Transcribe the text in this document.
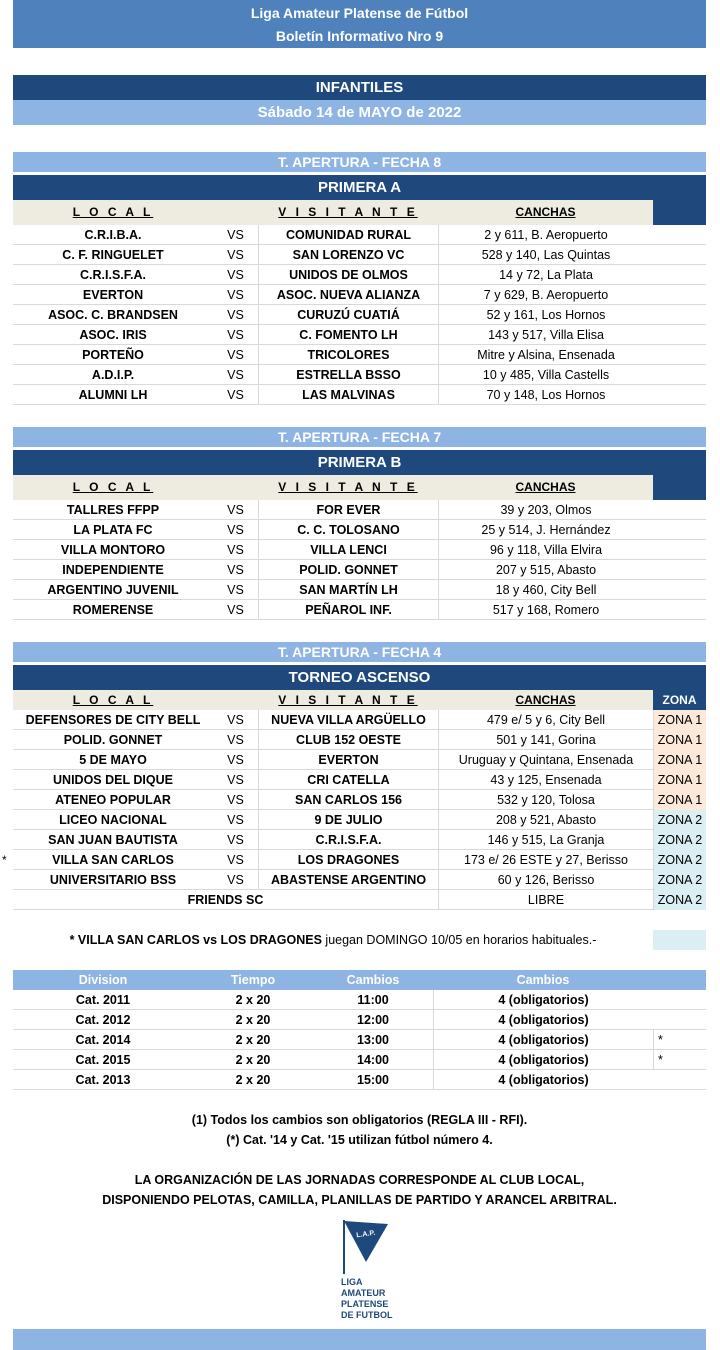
Liga Amateur Platense de Fútbol
Boletín Informativo Nro 9
INFANTILES
Sábado 14 de MAYO de 2022
T. APERTURA - FECHA 8
PRIMERA A
L O C A L	V I S I T A N T E	CANCHAS
C.R.I.B.A.	VS	COMUNIDAD RURAL	2 y 611, B. Aeropuerto
C. F. RINGUELET	VS	SAN LORENZO VC	528 y 140, Las Quintas
C.R.I.S.F.A.	VS	UNIDOS DE OLMOS	14 y 72, La Plata
EVERTON	VS	ASOC. NUEVA ALIANZA	7 y 629, B. Aeropuerto
ASOC. C. BRANDSEN	VS	CURUZÚ CUATIÁ	52 y 161, Los Hornos
ASOC. IRIS	VS	C. FOMENTO LH	143 y 517, Villa Elisa
PORTEÑO	VS	TRICOLORES	Mitre y Alsina, Ensenada
A.D.I.P.	VS	ESTRELLA BSSO	10 y 485, Villa Castells
ALUMNI LH	VS	LAS MALVINAS	70 y 148, Los Hornos
T. APERTURA - FECHA 7
PRIMERA B
L O C A L	V I S I T A N T E	CANCHAS
TALLRES FFPP	VS	FOR EVER	39 y 203, Olmos
LA PLATA FC	VS	C. C. TOLOSANO	25 y 514, J. Hernández
VILLA MONTORO	VS	VILLA LENCI	96 y 118, Villa Elvira
INDEPENDIENTE	VS	POLID. GONNET	207 y 515, Abasto
ARGENTINO JUVENIL	VS	SAN MARTÍN LH	18 y 460, City Bell
ROMERENSE	VS	PEÑAROL INF.	517 y 168, Romero
T. APERTURA - FECHA 4
TORNEO ASCENSO
L O C A L	V I S I T A N T E	CANCHAS	ZONA
DEFENSORES DE CITY BELL	VS	NUEVA VILLA ARGÜELLO	479 e/ 5 y 6, City Bell	ZONA 1
POLID. GONNET	VS	CLUB 152 OESTE	501 y 141, Gorina	ZONA 1
5 DE MAYO	VS	EVERTON	Uruguay y Quintana, Ensenada	ZONA 1
UNIDOS DEL DIQUE	VS	CRI CATELLA	43 y 125, Ensenada	ZONA 1
ATENEO POPULAR	VS	SAN CARLOS 156	532 y 120, Tolosa	ZONA 1
LICEO NACIONAL	VS	9 DE JULIO	208 y 521, Abasto	ZONA 2
SAN JUAN BAUTISTA	VS	C.R.I.S.F.A.	146 y 515, La Granja	ZONA 2
VILLA SAN CARLOS	VS	LOS DRAGONES	173 e/ 26 ESTE y 27, Berisso	ZONA 2
*
UNIVERSITARIO BSS	VS	ABASTENSE ARGENTINO	60 y 126, Berisso	ZONA 2
FRIENDS SC	LIBRE	ZONA 2
* VILLA SAN CARLOS vs LOS DRAGONES juegan DOMINGO 10/05 en horarios habituales.-
Division	Tiempo	Cambios	Cambios
Cat. 2011	2 x 20	11:00	4 (obligatorios)
Cat. 2012	2 x 20	12:00	4 (obligatorios)
Cat. 2014	2 x 20	13:00	4 (obligatorios)	*
Cat. 2015	2 x 20	14:00	4 (obligatorios)	*
Cat. 2013	2 x 20	15:00	4 (obligatorios)
(1) Todos los cambios son obligatorios (REGLA III - RFI).
(*) Cat. '14 y Cat. '15 utilizan fútbol número 4.
LA ORGANIZACIÓN DE LAS JORNADAS CORRESPONDE AL CLUB LOCAL,
DISPONIENDO PELOTAS, CAMILLA, PLANILLAS DE PARTIDO Y ARANCEL ARBITRAL.
L.A.P.
LIGA
AMATEUR
PLATENSE
DE FUTBOL
